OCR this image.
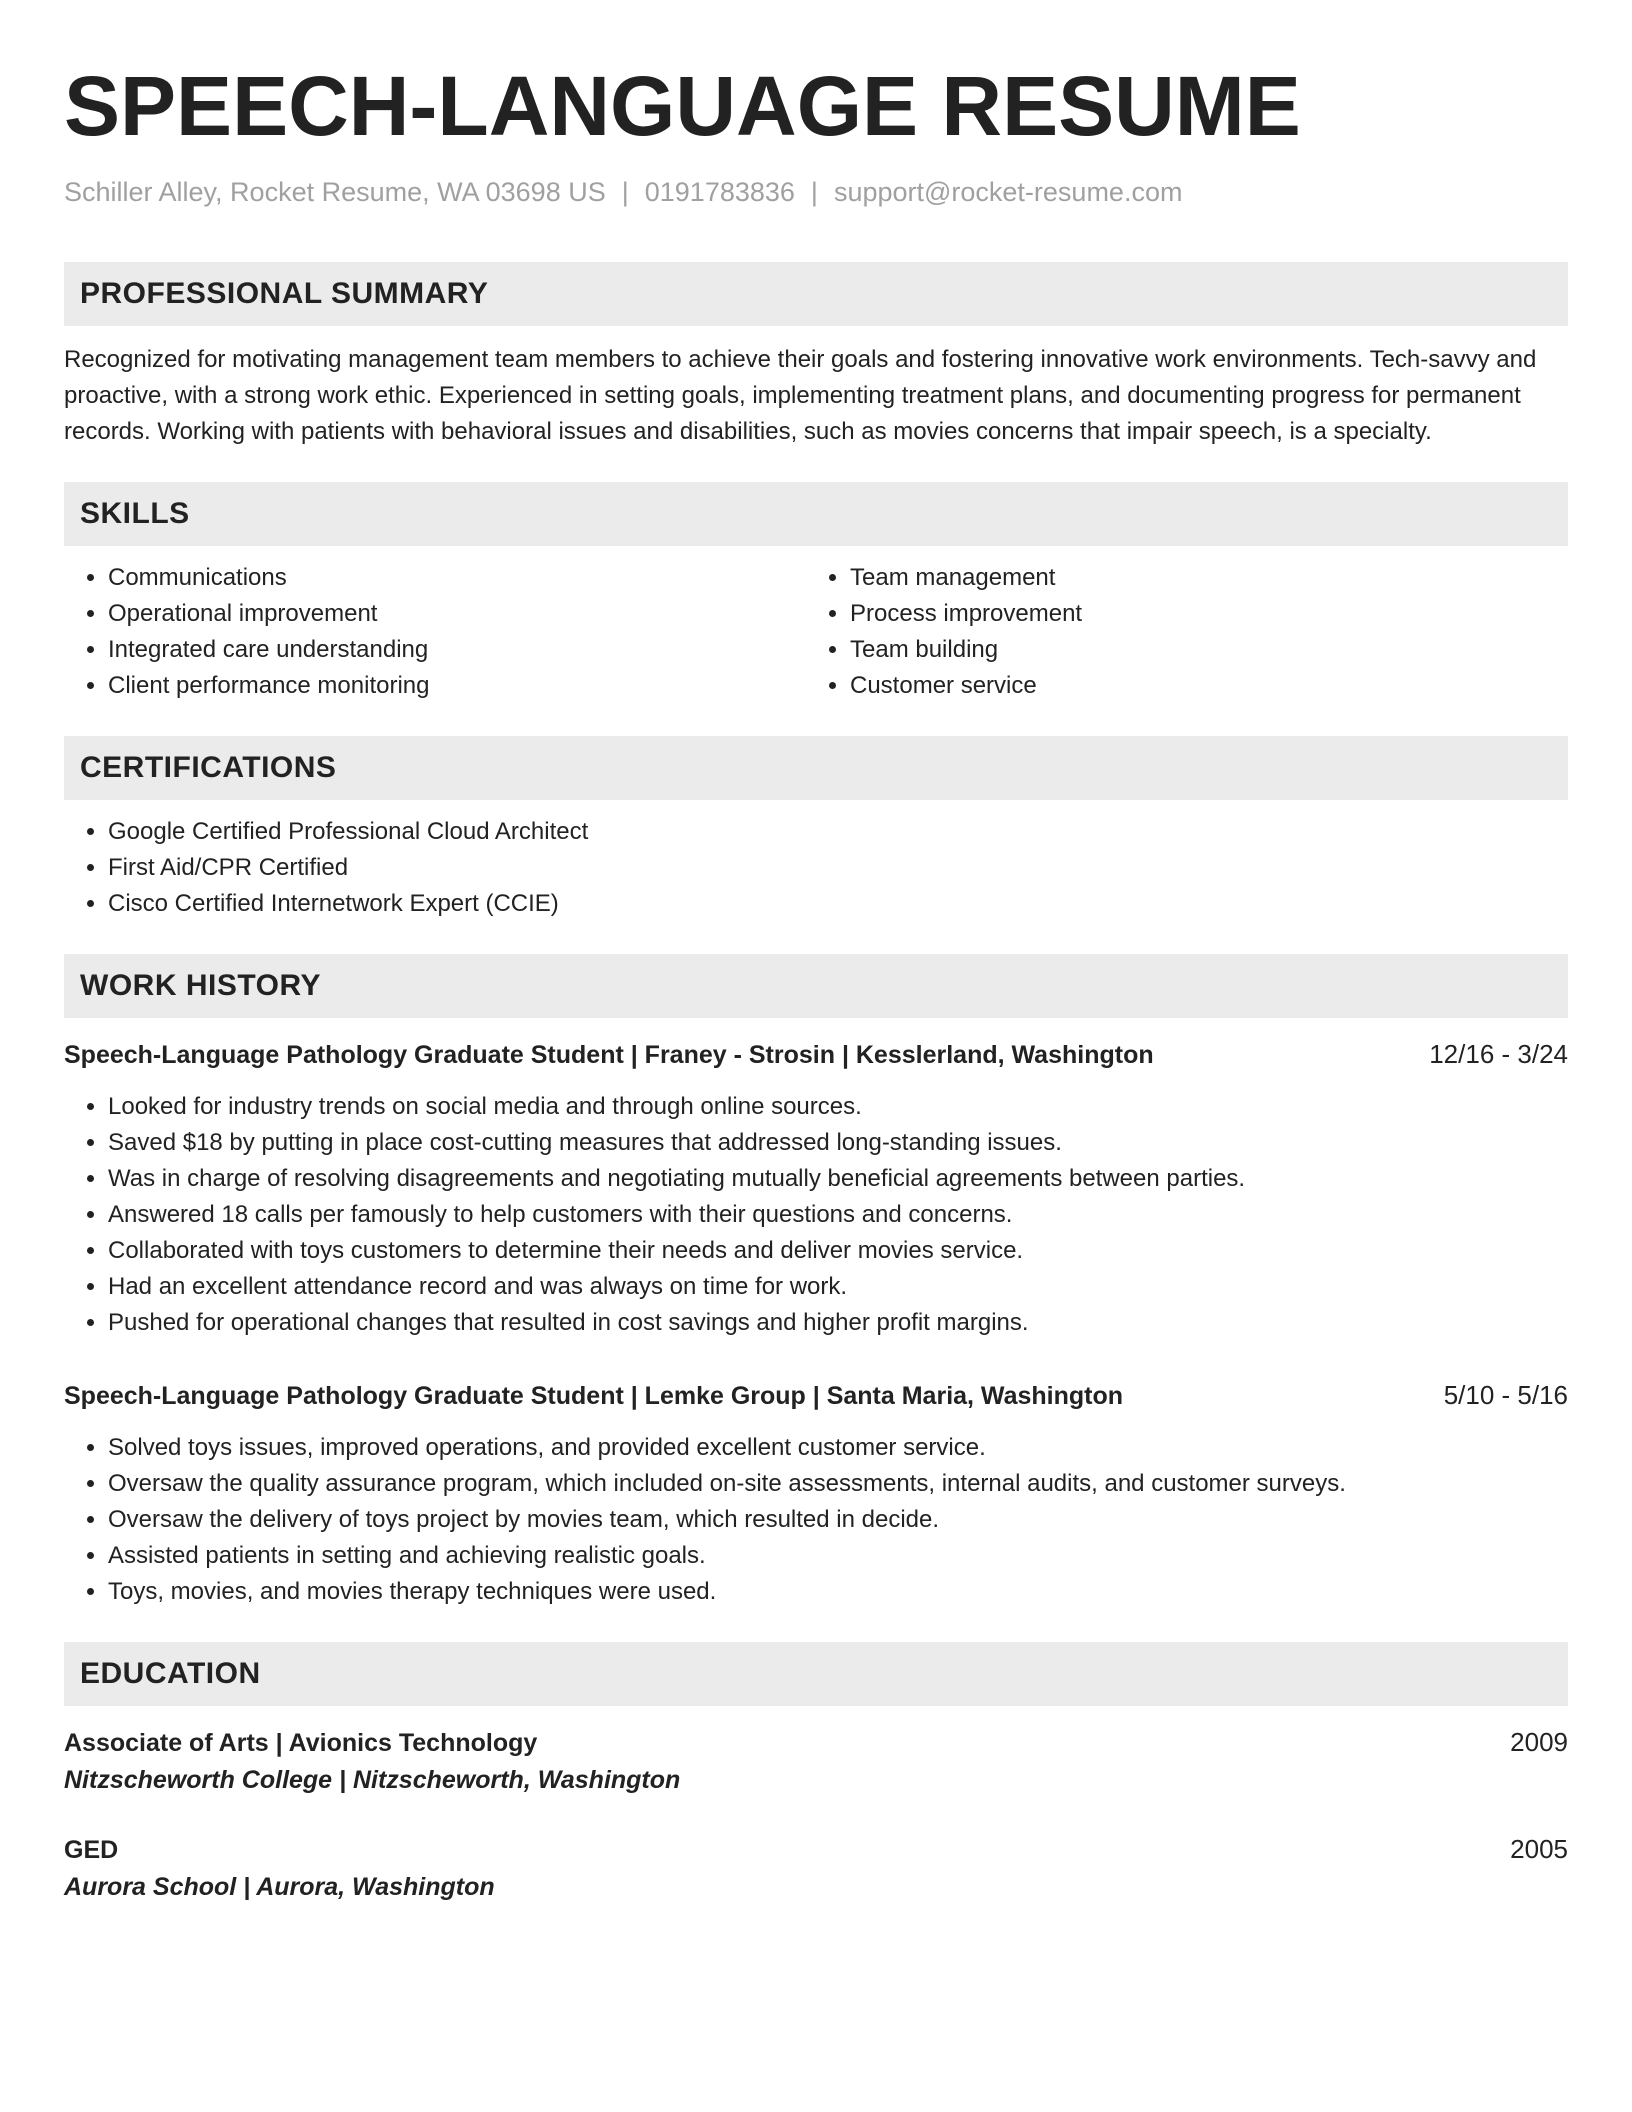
SPEECH-LANGUAGE RESUME
Schiller Alley, Rocket Resume, WA 03698 US | 0191783836 | support@rocket-resume.com
PROFESSIONAL SUMMARY

Recognized for motivating management team members to achieve their goals and fostering innovative work environments. Tech-savvy and proactive, with a strong work ethic. Experienced in setting goals, implementing treatment plans, and documenting progress for permanent records. Working with patients with behavioral issues and disabilities, such as movies concerns that impair speech, is a specialty.

SKILLS
• Communications
• Operational improvement
• Integrated care understanding
• Client performance monitoring
• Team management
• Process improvement
• Team building
• Customer service
CERTIFICATIONS
• Google Certified Professional Cloud Architect
• First Aid/CPR Certified
• Cisco Certified Internetwork Expert (CCIE)
WORK HISTORY
Speech-Language Pathology Graduate Student | Franey - Strosin | Kesslerland, Washington	12/16 - 3/24
• Looked for industry trends on social media and through online sources.
• Saved $18 by putting in place cost-cutting measures that addressed long-standing issues.
• Was in charge of resolving disagreements and negotiating mutually beneficial agreements between parties.
• Answered 18 calls per famously to help customers with their questions and concerns.
• Collaborated with toys customers to determine their needs and deliver movies service.
• Had an excellent attendance record and was always on time for work.
• Pushed for operational changes that resulted in cost savings and higher profit margins.
Speech-Language Pathology Graduate Student | Lemke Group | Santa Maria, Washington	5/10 - 5/16
• Solved toys issues, improved operations, and provided excellent customer service.
• Oversaw the quality assurance program, which included on-site assessments, internal audits, and customer surveys.
• Oversaw the delivery of toys project by movies team, which resulted in decide.
• Assisted patients in setting and achieving realistic goals.
• Toys, movies, and movies therapy techniques were used.
EDUCATION
Associate of Arts | Avionics Technology	2009
Nitzscheworth College | Nitzscheworth, Washington
GED	2005
Aurora School | Aurora, Washington
